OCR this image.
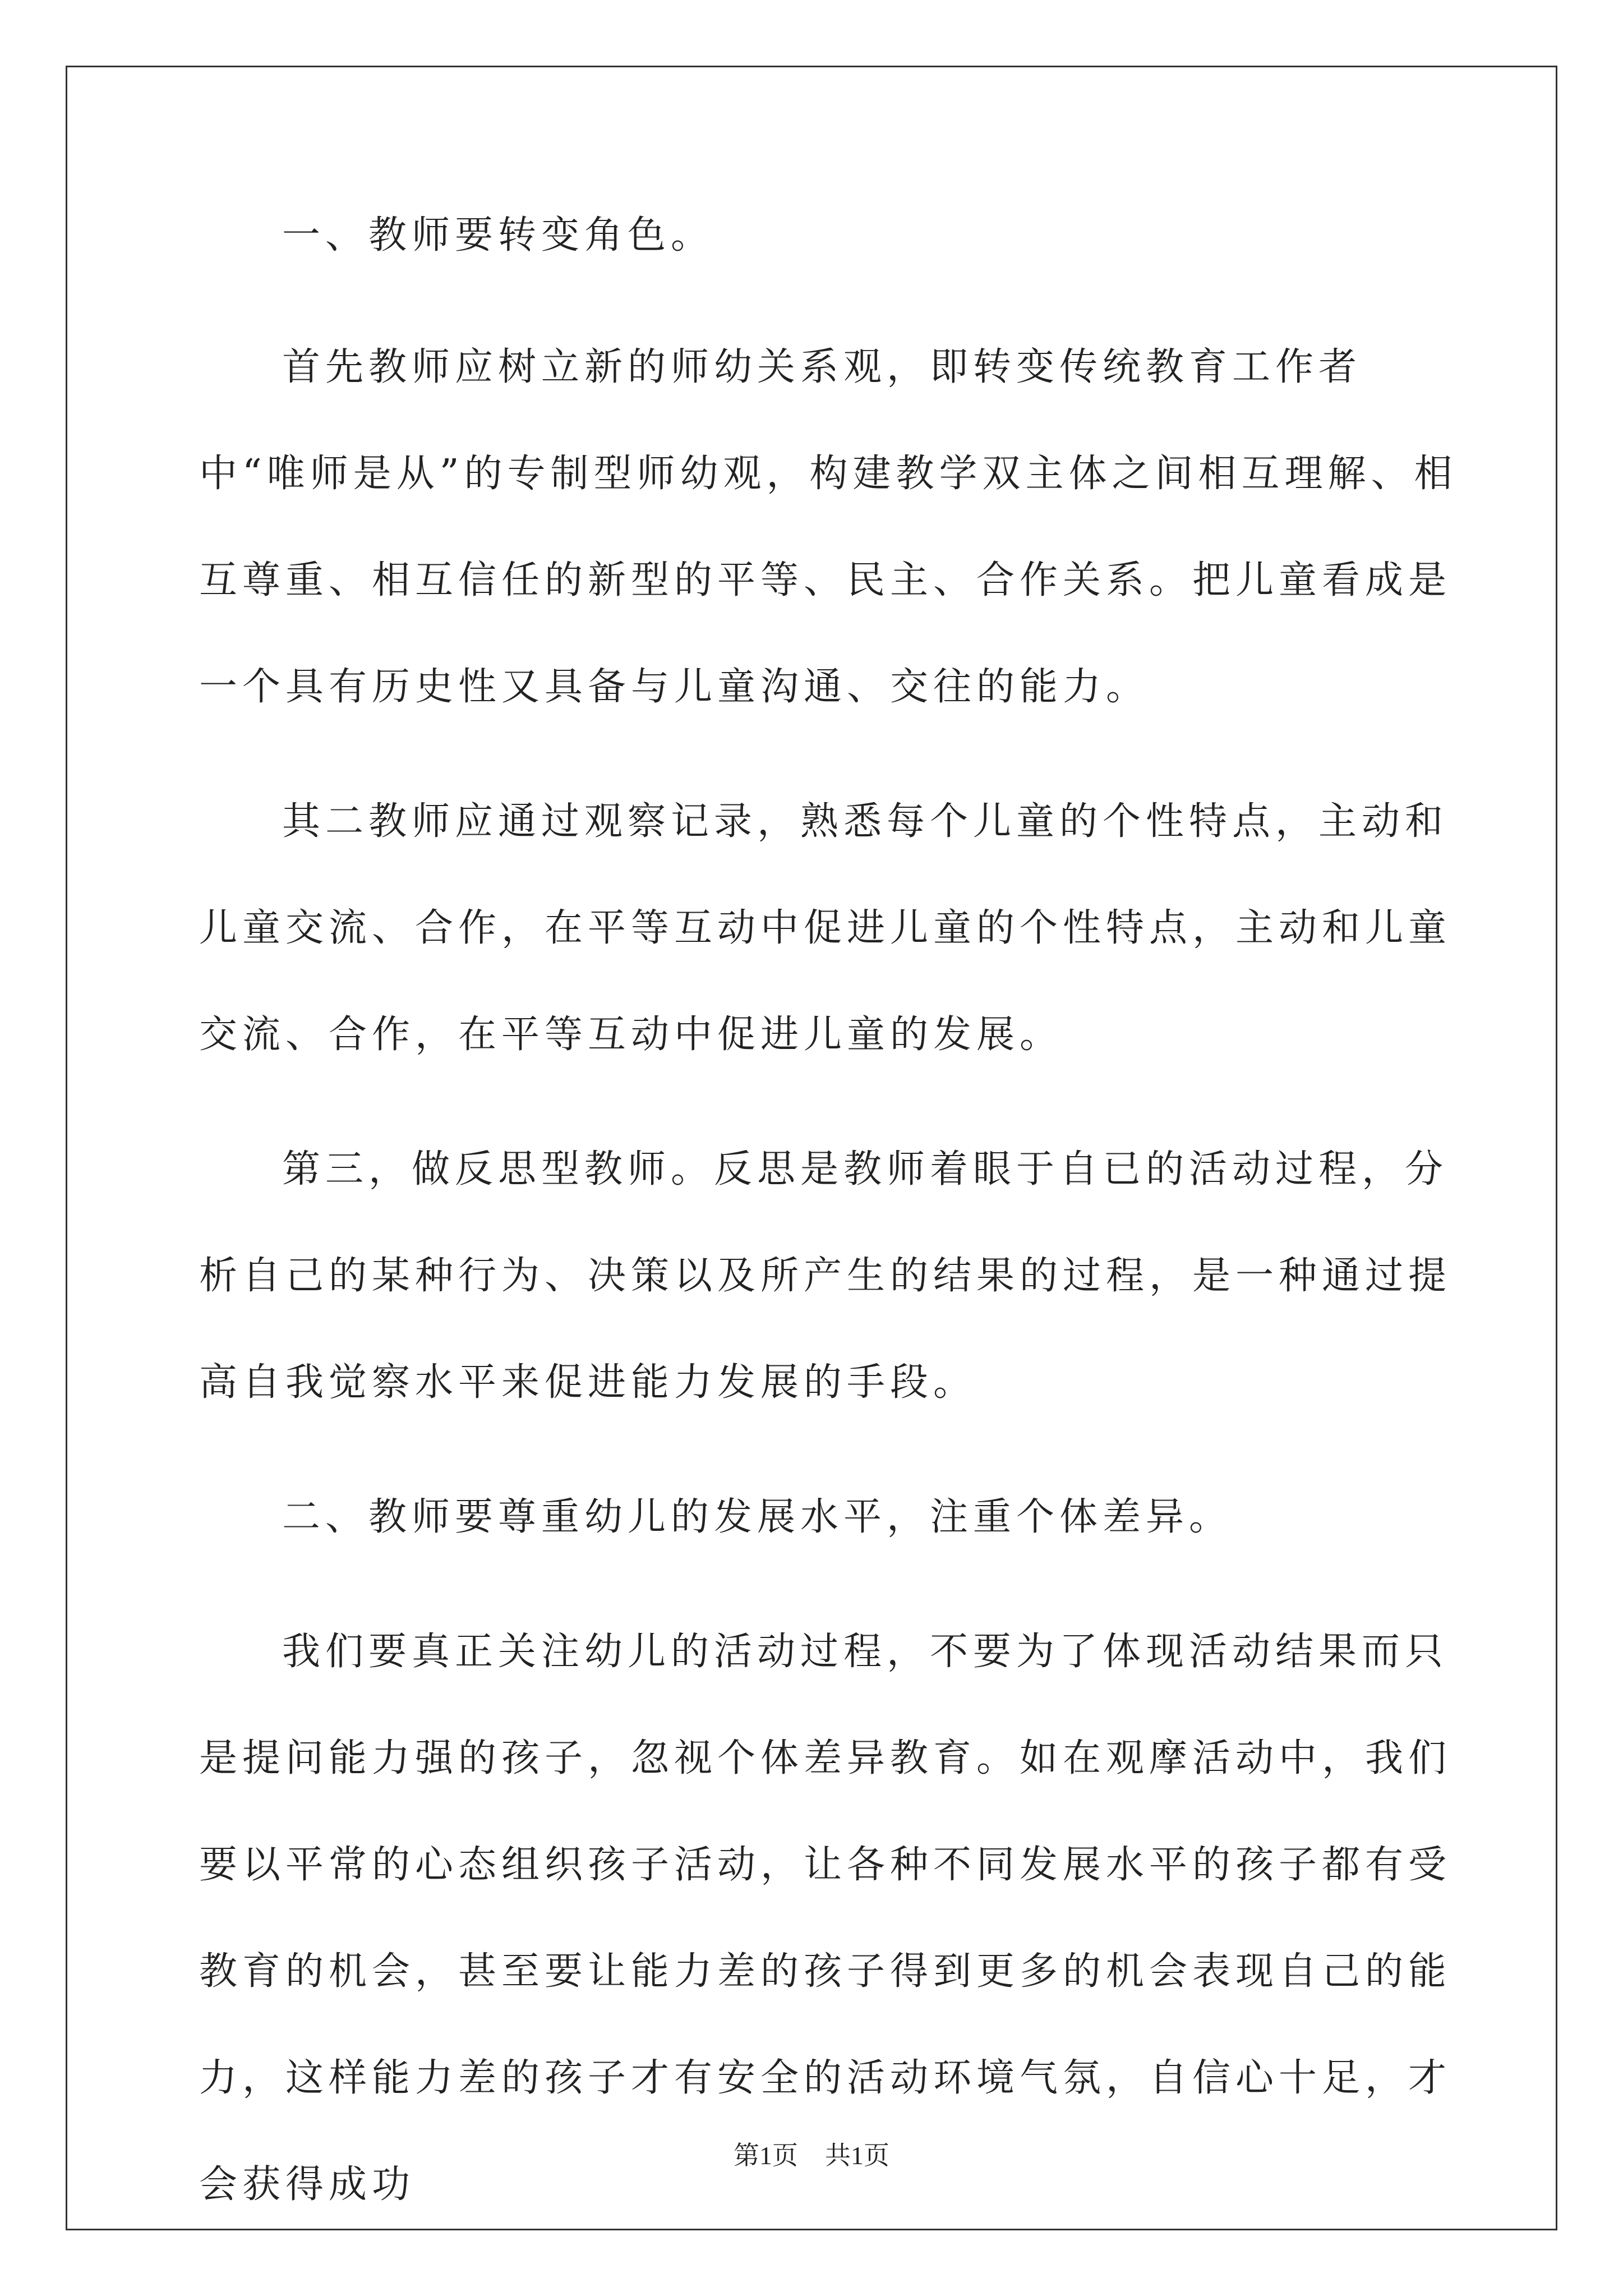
一、教师要转变角色。

首先教师应树立新的师幼关系观，即转变传统教育工作者中“唯师是从”的专制型师幼观，构建教学双主体之间相互理解、相互尊重、相互信任的新型的平等、民主、合作关系。把儿童看成是一个具有历史性又具备与儿童沟通、交往的能力。

其二教师应通过观察记录，熟悉每个儿童的个性特点，主动和儿童交流、合作，在平等互动中促进儿童的个性特点，主动和儿童交流、合作，在平等互动中促进儿童的发展。

第三，做反思型教师。反思是教师着眼于自已的活动过程，分析自己的某种行为、决策以及所产生的结果的过程，是一种通过提高自我觉察水平来促进能力发展的手段。

二、教师要尊重幼儿的发展水平，注重个体差异。

我们要真正关注幼儿的活动过程，不要为了体现活动结果而只是提问能力强的孩子，忽视个体差异教育。如在观摩活动中，我们要以平常的心态组织孩子活动，让各种不同发展水平的孩子都有受教育的机会，甚至要让能力差的孩子得到更多的机会表现自己的能力，这样能力差的孩子才有安全的活动环境气氛，自信心十足，才会获得成功

第1页 共1页
